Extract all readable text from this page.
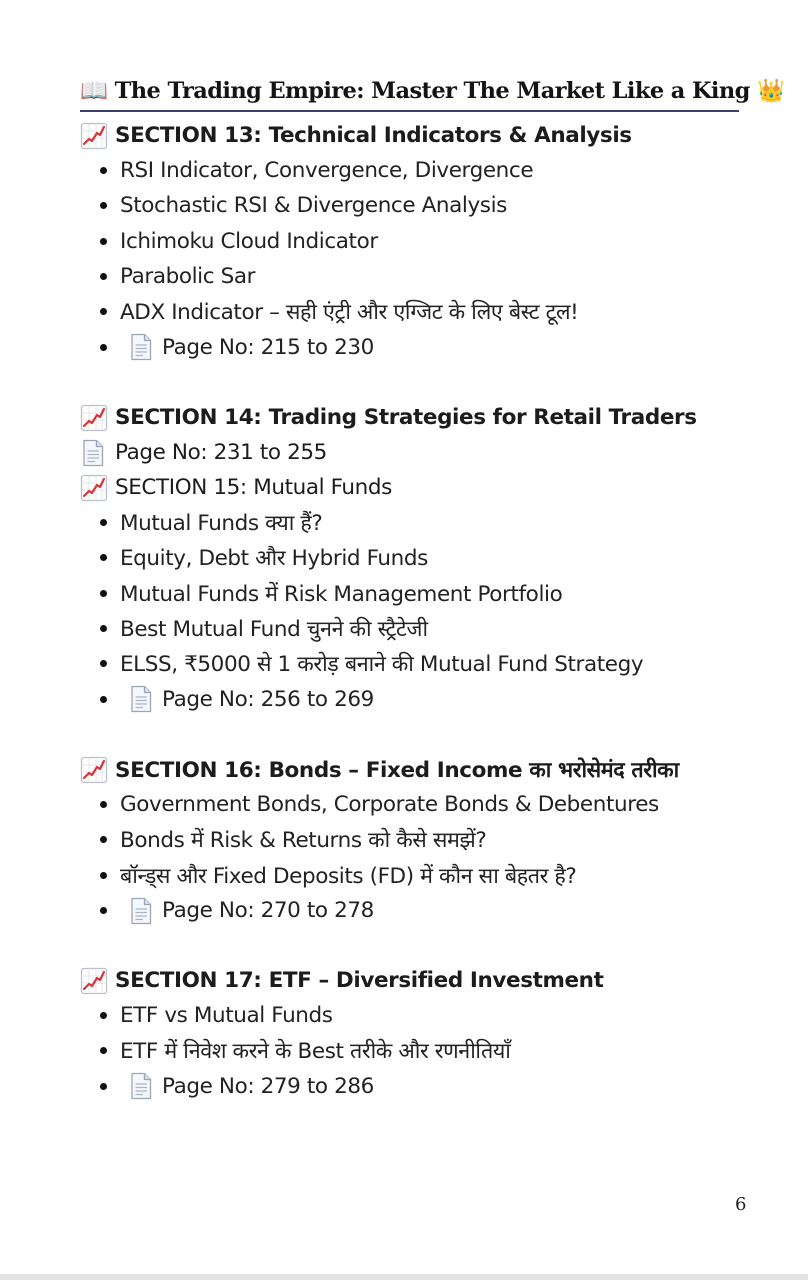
📖 The Trading Empire: Master The Market Like a King 👑
SECTION 13: Technical Indicators & Analysis
RSI Indicator, Convergence, Divergence
Stochastic RSI & Divergence Analysis
Ichimoku Cloud Indicator
Parabolic Sar
ADX Indicator – सही एंट्री और एग्जिट के लिए बेस्ट टूल!
Page No: 215 to 230
SECTION 14: Trading Strategies for Retail Traders
Page No: 231 to 255
SECTION 15: Mutual Funds
Mutual Funds क्या हैं?
Equity, Debt और Hybrid Funds
Mutual Funds में Risk Management Portfolio
Best Mutual Fund चुनने की स्ट्रैटेजी
ELSS, ₹5000 से 1 करोड़ बनाने की Mutual Fund Strategy
Page No: 256 to 269
SECTION 16: Bonds – Fixed Income का भरोसेमंद तरीका
Government Bonds, Corporate Bonds & Debentures
Bonds में Risk & Returns को कैसे समझें?
बॉन्ड्स और Fixed Deposits (FD) में कौन सा बेहतर है?
Page No: 270 to 278
SECTION 17: ETF – Diversified Investment
ETF vs Mutual Funds
ETF में निवेश करने के Best तरीके और रणनीतियाँ
Page No: 279 to 286
6
